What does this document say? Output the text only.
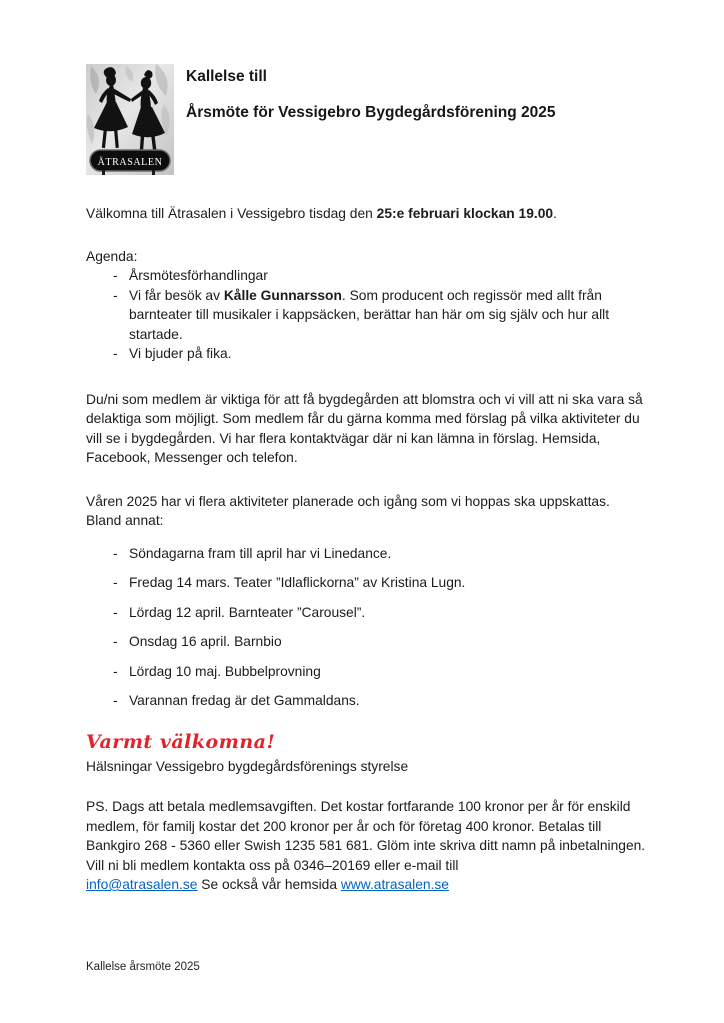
ÄTRASALEN
Kallelse till
Årsmöte för Vessigebro Bygdegårdsförening 2025

Välkomna till Ätrasalen i Vessigebro tisdag den 25:e februari klockan 19.00.

Agenda:

- Årsmötesförhandlingar
- Vi får besök av Kålle Gunnarsson. Som producent och regissör med allt från barnteater till musikaler i kappsäcken, berättar han här om sig själv och hur allt startade.
- Vi bjuder på fika.

Du/ni som medlem är viktiga för att få bygdegården att blomstra och vi vill att ni ska vara så delaktiga som möjligt. Som medlem får du gärna komma med förslag på vilka aktiviteter du vill se i bygdegården. Vi har flera kontaktvägar där ni kan lämna in förslag. Hemsida, Facebook, Messenger och telefon.

Våren 2025 har vi flera aktiviteter planerade och igång som vi hoppas ska uppskattas. Bland annat:

- Söndagarna fram till april har vi Linedance.
- Fredag 14 mars. Teater ”Idlaflickorna” av Kristina Lugn.
- Lördag 12 april. Barnteater ”Carousel”.
- Onsdag 16 april. Barnbio
- Lördag 10 maj. Bubbelprovning
- Varannan fredag är det Gammaldans.

Varmt välkomna!

Hälsningar Vessigebro bygdegårdsförenings styrelse

PS. Dags att betala medlemsavgiften. Det kostar fortfarande 100 kronor per år för enskild medlem, för familj kostar det 200 kronor per år och för företag 400 kronor. Betalas till Bankgiro 268 - 5360 eller Swish 1235 581 681. Glöm inte skriva ditt namn på inbetalningen.
Vill ni bli medlem kontakta oss på 0346–20169 eller e-mail till
info@atrasalen.se Se också vår hemsida www.atrasalen.se
Kallelse årsmöte 2025
